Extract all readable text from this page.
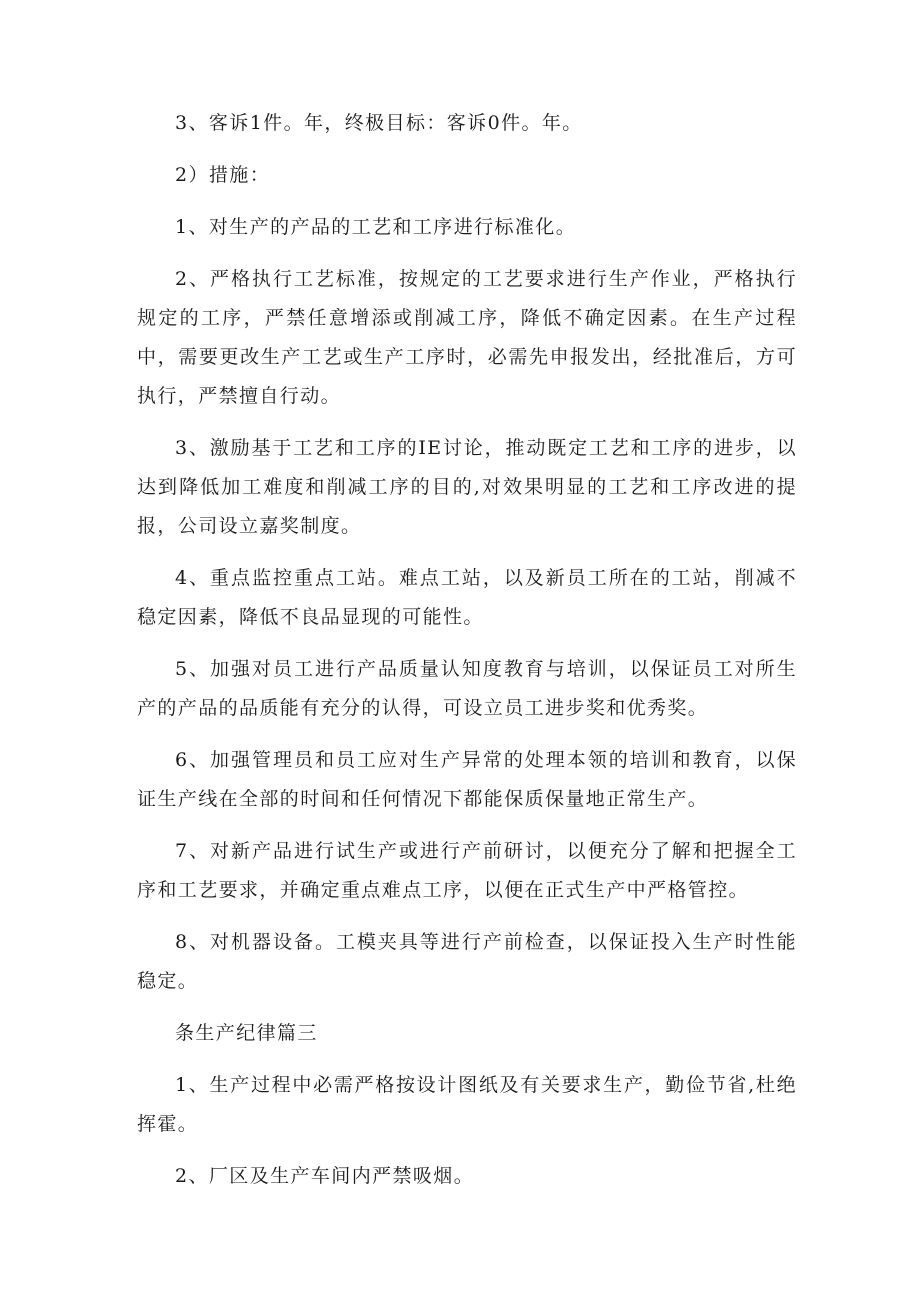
3、客诉1件。年，终极目标：客诉0件。年。

2）措施：

1、对生产的产品的工艺和工序进行标准化。

2、严格执行工艺标准，按规定的工艺要求进行生产作业，严格执行规定的工序，严禁任意增添或削减工序，降低不确定因素。在生产过程中，需要更改生产工艺或生产工序时，必需先申报发出，经批准后，方可执行，严禁擅自行动。

3、激励基于工艺和工序的IE讨论，推动既定工艺和工序的进步，以达到降低加工难度和削减工序的目的,对效果明显的工艺和工序改进的提报，公司设立嘉奖制度。

4、重点监控重点工站。难点工站，以及新员工所在的工站，削减不稳定因素，降低不良品显现的可能性。

5、加强对员工进行产品质量认知度教育与培训，以保证员工对所生产的产品的品质能有充分的认得，可设立员工进步奖和优秀奖。

6、加强管理员和员工应对生产异常的处理本领的培训和教育，以保证生产线在全部的时间和任何情况下都能保质保量地正常生产。

7、对新产品进行试生产或进行产前研讨，以便充分了解和把握全工序和工艺要求，并确定重点难点工序，以便在正式生产中严格管控。

8、对机器设备。工模夹具等进行产前检查，以保证投入生产时性能稳定。

条生产纪律篇三

1、生产过程中必需严格按设计图纸及有关要求生产，勤俭节省,杜绝挥霍。

2、厂区及生产车间内严禁吸烟。
